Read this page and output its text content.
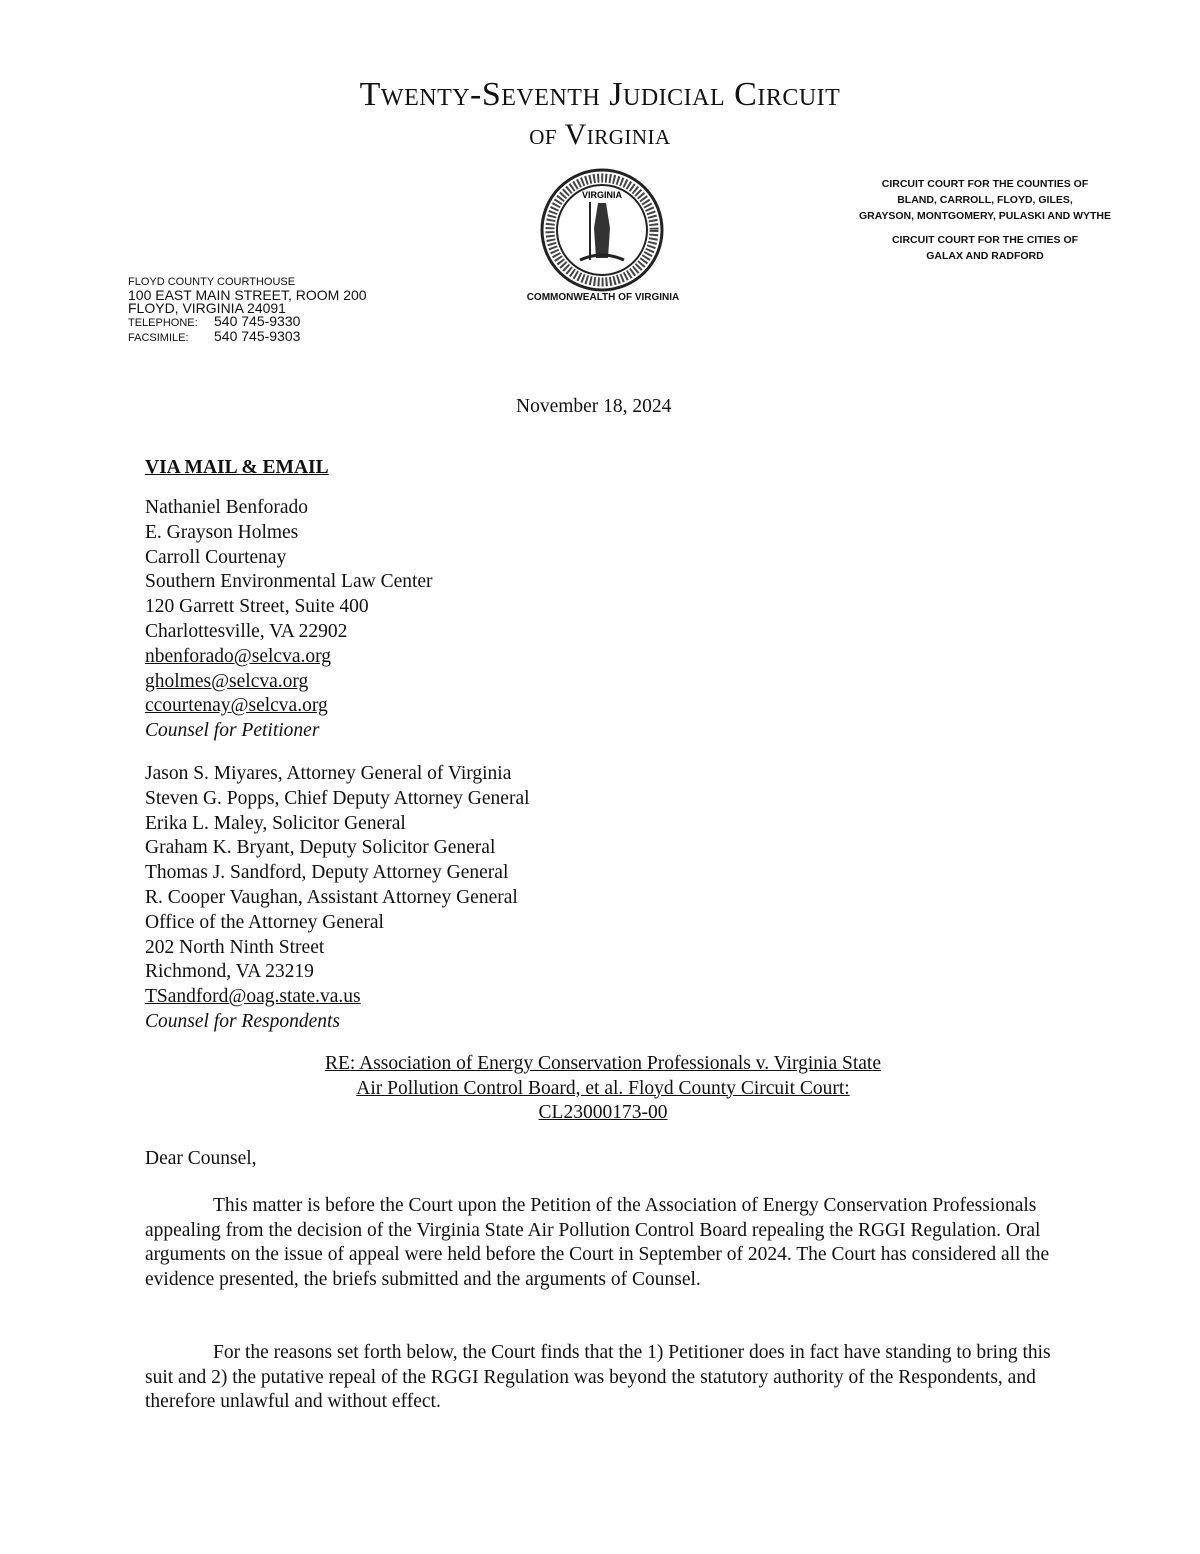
Twenty-Seventh Judicial Circuit
of Virginia
VIRGINIA
COMMONWEALTH OF VIRGINIA
FLOYD COUNTY COURTHOUSE
100 EAST MAIN STREET, ROOM 200
FLOYD, VIRGINIA 24091
TELEPHONE: 540 745-9330
FACSIMILE: 540 745-9303
CIRCUIT COURT FOR THE COUNTIES OF
BLAND, CARROLL, FLOYD, GILES,
GRAYSON, MONTGOMERY, PULASKI AND WYTHE
CIRCUIT COURT FOR THE CITIES OF
GALAX AND RADFORD
November 18, 2024
VIA MAIL & EMAIL
Nathaniel Benforado
E. Grayson Holmes
Carroll Courtenay
Southern Environmental Law Center
120 Garrett Street, Suite 400
Charlottesville, VA 22902
nbenforado@selcva.org
gholmes@selcva.org
ccourtenay@selcva.org
Counsel for Petitioner
Jason S. Miyares, Attorney General of Virginia
Steven G. Popps, Chief Deputy Attorney General
Erika L. Maley, Solicitor General
Graham K. Bryant, Deputy Solicitor General
Thomas J. Sandford, Deputy Attorney General
R. Cooper Vaughan, Assistant Attorney General
Office of the Attorney General
202 North Ninth Street
Richmond, VA 23219
TSandford@oag.state.va.us
Counsel for Respondents
RE: Association of Energy Conservation Professionals v. Virginia State
Air Pollution Control Board, et al. Floyd County Circuit Court:
CL23000173-00
Dear Counsel,
This matter is before the Court upon the Petition of the Association of Energy Conservation Professionals appealing from the decision of the Virginia State Air Pollution Control Board repealing the RGGI Regulation. Oral arguments on the issue of appeal were held before the Court in September of 2024. The Court has considered all the evidence presented, the briefs submitted and the arguments of Counsel.
For the reasons set forth below, the Court finds that the 1) Petitioner does in fact have standing to bring this suit and 2) the putative repeal of the RGGI Regulation was beyond the statutory authority of the Respondents, and therefore unlawful and without effect.
